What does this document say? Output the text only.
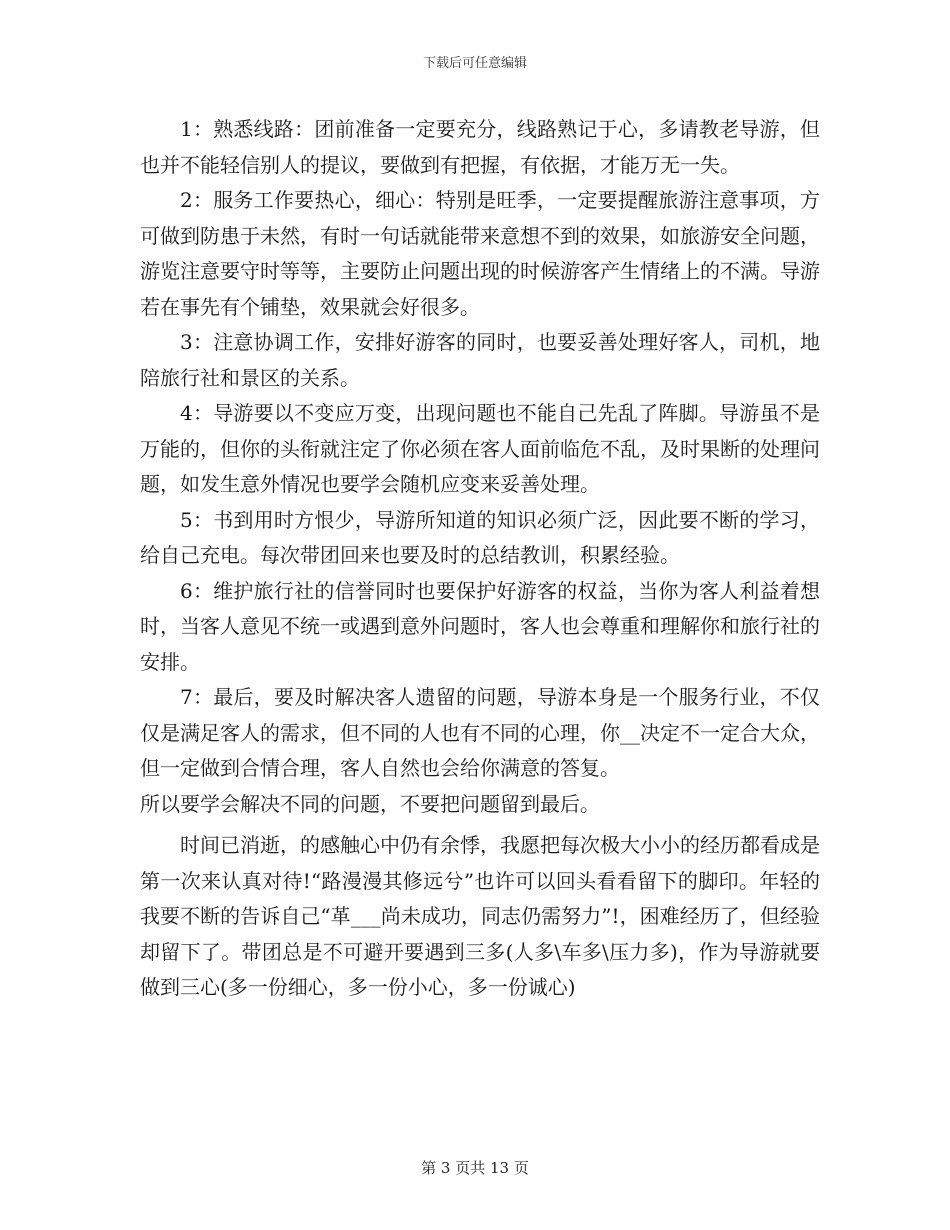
下载后可任意编辑

1：熟悉线路：团前准备一定要充分，线路熟记于心，多请教老导游，但也并不能轻信别人的提议，要做到有把握，有依据，才能万无一失。

2：服务工作要热心，细心：特别是旺季，一定要提醒旅游注意事项，方可做到防患于未然，有时一句话就能带来意想不到的效果，如旅游安全问题，游览注意要守时等等，主要防止问题出现的时候游客产生情绪上的不满。导游若在事先有个铺垫，效果就会好很多。

3：注意协调工作，安排好游客的同时，也要妥善处理好客人，司机，地陪旅行社和景区的关系。

4：导游要以不变应万变，出现问题也不能自己先乱了阵脚。导游虽不是万能的，但你的头衔就注定了你必须在客人面前临危不乱，及时果断的处理问题，如发生意外情况也要学会随机应变来妥善处理。

5：书到用时方恨少，导游所知道的知识必须广泛，因此要不断的学习，给自己充电。每次带团回来也要及时的总结教训，积累经验。

6：维护旅行社的信誉同时也要保护好游客的权益，当你为客人利益着想时，当客人意见不统一或遇到意外问题时，客人也会尊重和理解你和旅行社的安排。

7：最后，要及时解决客人遗留的问题，导游本身是一个服务行业，不仅仅是满足客人的需求，但不同的人也有不同的心理，你__决定不一定合大众，但一定做到合情合理，客人自然也会给你满意的答复。

所以要学会解决不同的问题，不要把问题留到最后。

时间已消逝，的感触心中仍有余悸，我愿把每次极大小小的经历都看成是第一次来认真对待!“路漫漫其修远兮”也许可以回头看看留下的脚印。年轻的我要不断的告诉自己“革___尚未成功，同志仍需努力”!，困难经历了，但经验却留下了。带团总是不可避开要遇到三多(人多\车多\压力多)，作为导游就要做到三心(多一份细心，多一份小心，多一份诚心)

第 3 页共 13 页
